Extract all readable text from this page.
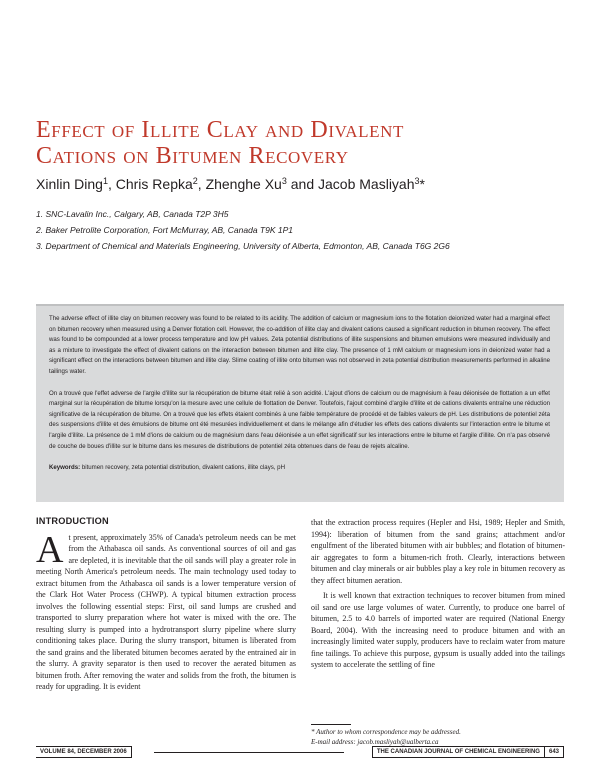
Effect of Illite Clay and Divalent
Cations on Bitumen Recovery
Xinlin Ding$^1$, Chris Repka$^2$, Zhenghe Xu$^3$ and Jacob Masliyah$^3$*
1. SNC-Lavalin Inc., Calgary, AB, Canada T2P 3H5
2. Baker Petrolite Corporation, Fort McMurray, AB, Canada T9K 1P1
3. Department of Chemical and Materials Engineering, University of Alberta, Edmonton, AB, Canada T6G 2G6

The adverse effect of illite clay on bitumen recovery was found to be related to its acidity. The addition of calcium or magnesium ions to the flotation deionized water had a marginal effect on bitumen recovery when measured using a Denver flotation cell. However, the co-addition of illite clay and divalent cations caused a significant reduction in bitumen recovery. The effect was found to be compounded at a lower process temperature and low pH values. Zeta potential distributions of illite suspensions and bitumen emulsions were measured individually and as a mixture to investigate the effect of divalent cations on the interaction between bitumen and illite clay. The presence of 1 mM calcium or magnesium ions in deionized water had a significant effect on the interactions between bitumen and illite clay. Slime coating of illite onto bitumen was not observed in zeta potential distribution measurements performed in alkaline tailings water.

On a trouvé que l'effet adverse de l'argile d'illite sur la récupération de bitume était relié à son acidité. L'ajout d'ions de calcium ou de magnésium à l'eau déionisée de flottation a un effet marginal sur la récupération de bitume lorsqu'on la mesure avec une cellule de flottation de Denver. Toutefois, l'ajout combiné d'argile d'illite et de cations divalents entraîne une réduction significative de la récupération de bitume. On a trouvé que les effets étaient combinés à une faible température de procédé et de faibles valeurs de pH. Les distributions de potentiel zéta des suspensions d'illite et des émulsions de bitume ont été mesurées individuellement et dans le mélange afin d'étudier les effets des cations divalents sur l'interaction entre le bitume et l'argile d'illite. La présence de 1 mM d'ions de calcium ou de magnésium dans l'eau déionisée a un effet significatif sur les interactions entre le bitume et l'argile d'illite. On n'a pas observé de couche de boues d'illite sur le bitume dans les mesures de distributions de potentiel zéta obtenues dans de l'eau de rejets alcaline.

Keywords: bitumen recovery, zeta potential distribution, divalent cations, illite clays, pH

INTRODUCTION

At present, approximately 35% of Canada's petroleum needs can be met from the Athabasca oil sands. As conventional sources of oil and gas are depleted, it is inevitable that the oil sands will play a greater role in meeting North America's petroleum needs. The main technology used today to extract bitumen from the Athabasca oil sands is a lower temperature version of the Clark Hot Water Process (CHWP). A typical bitumen extraction process involves the following essential steps: First, oil sand lumps are crushed and transported to slurry preparation where hot water is mixed with the ore. The resulting slurry is pumped into a hydrotransport slurry pipeline where slurry conditioning takes place. During the slurry transport, bitumen is liberated from the sand grains and the liberated bitumen becomes aerated by the entrained air in the slurry. A gravity separator is then used to recover the aerated bitumen as bitumen froth. After removing the water and solids from the froth, the bitumen is ready for upgrading. It is evident

that the extraction process requires (Hepler and Hsi, 1989; Hepler and Smith, 1994): liberation of bitumen from the sand grains; attachment and/or engulfment of the liberated bitumen with air bubbles; and flotation of bitumen-air aggregates to form a bitumen-rich froth. Clearly, interactions between bitumen and clay minerals or air bubbles play a key role in bitumen recovery as they affect bitumen aeration.

It is well known that extraction techniques to recover bitumen from mined oil sand ore use large volumes of water. Currently, to produce one barrel of bitumen, 2.5 to 4.0 barrels of imported water are required (National Energy Board, 2004). With the increasing need to produce bitumen and with an increasingly limited water supply, producers have to reclaim water from mature fine tailings. To achieve this purpose, gypsum is usually added into the tailings system to accelerate the settling of fine

* Author to whom correspondence may be addressed.
E-mail address: jacob.masliyah@ualberta.ca
VOLUME 84, DECEMBER 2006	THE CANADIAN JOURNAL OF CHEMICAL ENGINEERING 643
